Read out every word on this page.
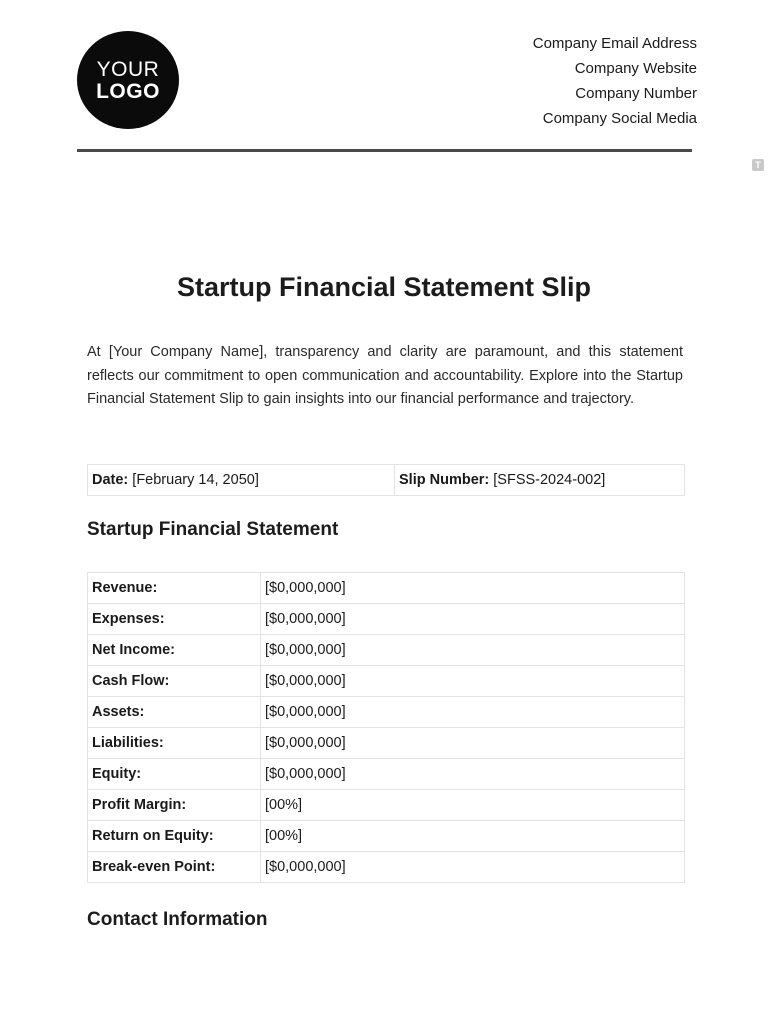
YOUR
LOGO
Company Email Address
Company Website
Company Number
Company Social Media
T
Startup Financial Statement Slip
At [Your Company Name], transparency and clarity are paramount, and this statement reflects our commitment to open communication and accountability. Explore into the Startup Financial Statement Slip to gain insights into our financial performance and trajectory.
Date: [February 14, 2050]	Slip Number: [SFSS-2024-002]
Startup Financial Statement
Revenue:	[$0,000,000]
Expenses:	[$0,000,000]
Net Income:	[$0,000,000]
Cash Flow:	[$0,000,000]
Assets:	[$0,000,000]
Liabilities:	[$0,000,000]
Equity:	[$0,000,000]
Profit Margin:	[00%]
Return on Equity:	[00%]
Break-even Point:	[$0,000,000]
Contact Information
